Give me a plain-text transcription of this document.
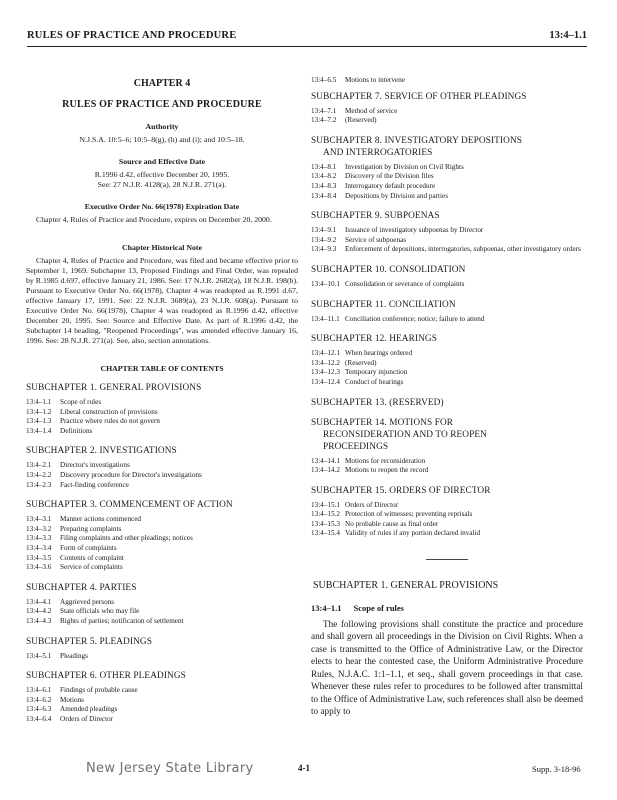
RULES OF PRACTICE AND PROCEDURE	13:4–1.1
CHAPTER 4
RULES OF PRACTICE AND PROCEDURE
Authority
N.J.S.A. 10:5–6; 10:5–8(g), (h) and (i); and 10:5–18.
Source and Effective Date
R.1996 d.42, effective December 20, 1995.
See: 27 N.J.R. 4128(a), 28 N.J.R. 271(a).
Executive Order No. 66(1978) Expiration Date
Chapter 4, Rules of Practice and Procedure, expires on December 20, 2000.
Chapter Historical Note
Chapter 4, Rules of Practice and Procedure, was filed and became effective prior to September 1, 1969. Subchapter 13, Proposed Findings and Final Order, was repealed by R.1985 d.697, effective January 21, 1986. See: 17 N.J.R. 2682(a), 18 N.J.R. 198(b). Pursuant to Executive Order No. 66(1978), Chapter 4 was readopted as R.1991 d.67, effective January 17, 1991. See: 22 N.J.R. 3689(a), 23 N.J.R. 608(a). Pursuant to Executive Order No. 66(1978), Chapter 4 was readopted as R.1996 d.42, effective December 20, 1995. See: Source and Effective Date. As part of R.1996 d.42, the Subchapter 14 heading, "Reopened Proceedings", was amended effective January 16, 1996. See: 28 N.J.R. 271(a). See, also, section annotations.
CHAPTER TABLE OF CONTENTS
SUBCHAPTER 1. GENERAL PROVISIONS
13:4–1.1	Scope of rules
13:4–1.2	Liberal construction of provisions
13:4–1.3	Practice where rules do not govern
13:4–1.4	Definitions
SUBCHAPTER 2. INVESTIGATIONS
13:4–2.1	Director's investigations
13:4–2.2	Discovery procedure for Director's investigations
13:4–2.3	Fact-finding conference
SUBCHAPTER 3. COMMENCEMENT OF ACTION
13:4–3.1	Manner actions commenced
13:4–3.2	Preparing complaints
13:4–3.3	Filing complaints and other pleadings; notices
13:4–3.4	Form of complaints
13:4–3.5	Contents of complaint
13:4–3.6	Service of complaints
SUBCHAPTER 4. PARTIES
13:4–4.1	Aggrieved persons
13:4–4.2	State officials who may file
13:4–4.3	Rights of parties; notification of settlement
SUBCHAPTER 5. PLEADINGS
13:4–5.1	Pleadings
SUBCHAPTER 6. OTHER PLEADINGS
13:4–6.1	Findings of probable cause
13:4–6.2	Motions
13:4–6.3	Amended pleadings
13:4–6.4	Orders of Director
13:4–6.5	Motions to intervene
SUBCHAPTER 7. SERVICE OF OTHER PLEADINGS
13:4–7.1	Method of service
13:4–7.2	(Reserved)
SUBCHAPTER 8. INVESTIGATORY DEPOSITIONS
AND INTERROGATORIES
13:4–8.1	Investigation by Division on Civil Rights
13:4–8.2	Discovery of the Division files
13:4–8.3	Interrogatory default procedure
13:4–8.4	Depositions by Division and parties
SUBCHAPTER 9. SUBPOENAS
13:4–9.1	Issuance of investigatory subpoenas by Director
13:4–9.2	Service of subpoenas
13:4–9.3	Enforcement of depositions, interrogatories, subpoenas, other investigatory orders
SUBCHAPTER 10. CONSOLIDATION
13:4–10.1 Consolidation or severance of complaints
SUBCHAPTER 11. CONCILIATION
13:4–11.1 Conciliation conference; notice; failure to attend
SUBCHAPTER 12. HEARINGS
13:4–12.1 When hearings ordered
13:4–12.2 (Reserved)
13:4–12.3 Temporary injunction
13:4–12.4 Conduct of hearings
SUBCHAPTER 13. (RESERVED)
SUBCHAPTER 14. MOTIONS FOR
RECONSIDERATION AND TO REOPEN
PROCEEDINGS
13:4–14.1 Motions for reconsideration
13:4–14.2 Motions to reopen the record
SUBCHAPTER 15. ORDERS OF DIRECTOR
13:4–15.1 Orders of Director
13:4–15.2 Protection of witnesses; preventing reprisals
13:4–15.3 No probable cause as final order
13:4–15.4 Validity of rules if any portion declared invalid
SUBCHAPTER 1. GENERAL PROVISIONS
13:4–1.1 Scope of rules

The following provisions shall constitute the practice and procedure and shall govern all proceedings in the Division on Civil Rights. When a case is transmitted to the Office of Administrative Law, or the Director elects to hear the contested case, the Uniform Administrative Procedure Rules, N.J.A.C. 1:1–1.1, et seq., shall govern proceedings in that case. Whenever these rules refer to procedures to be followed after transmittal to the Office of Administrative Law, such references shall also be deemed to apply to

New Jersey State Library	4-1	Supp. 3-18-96
